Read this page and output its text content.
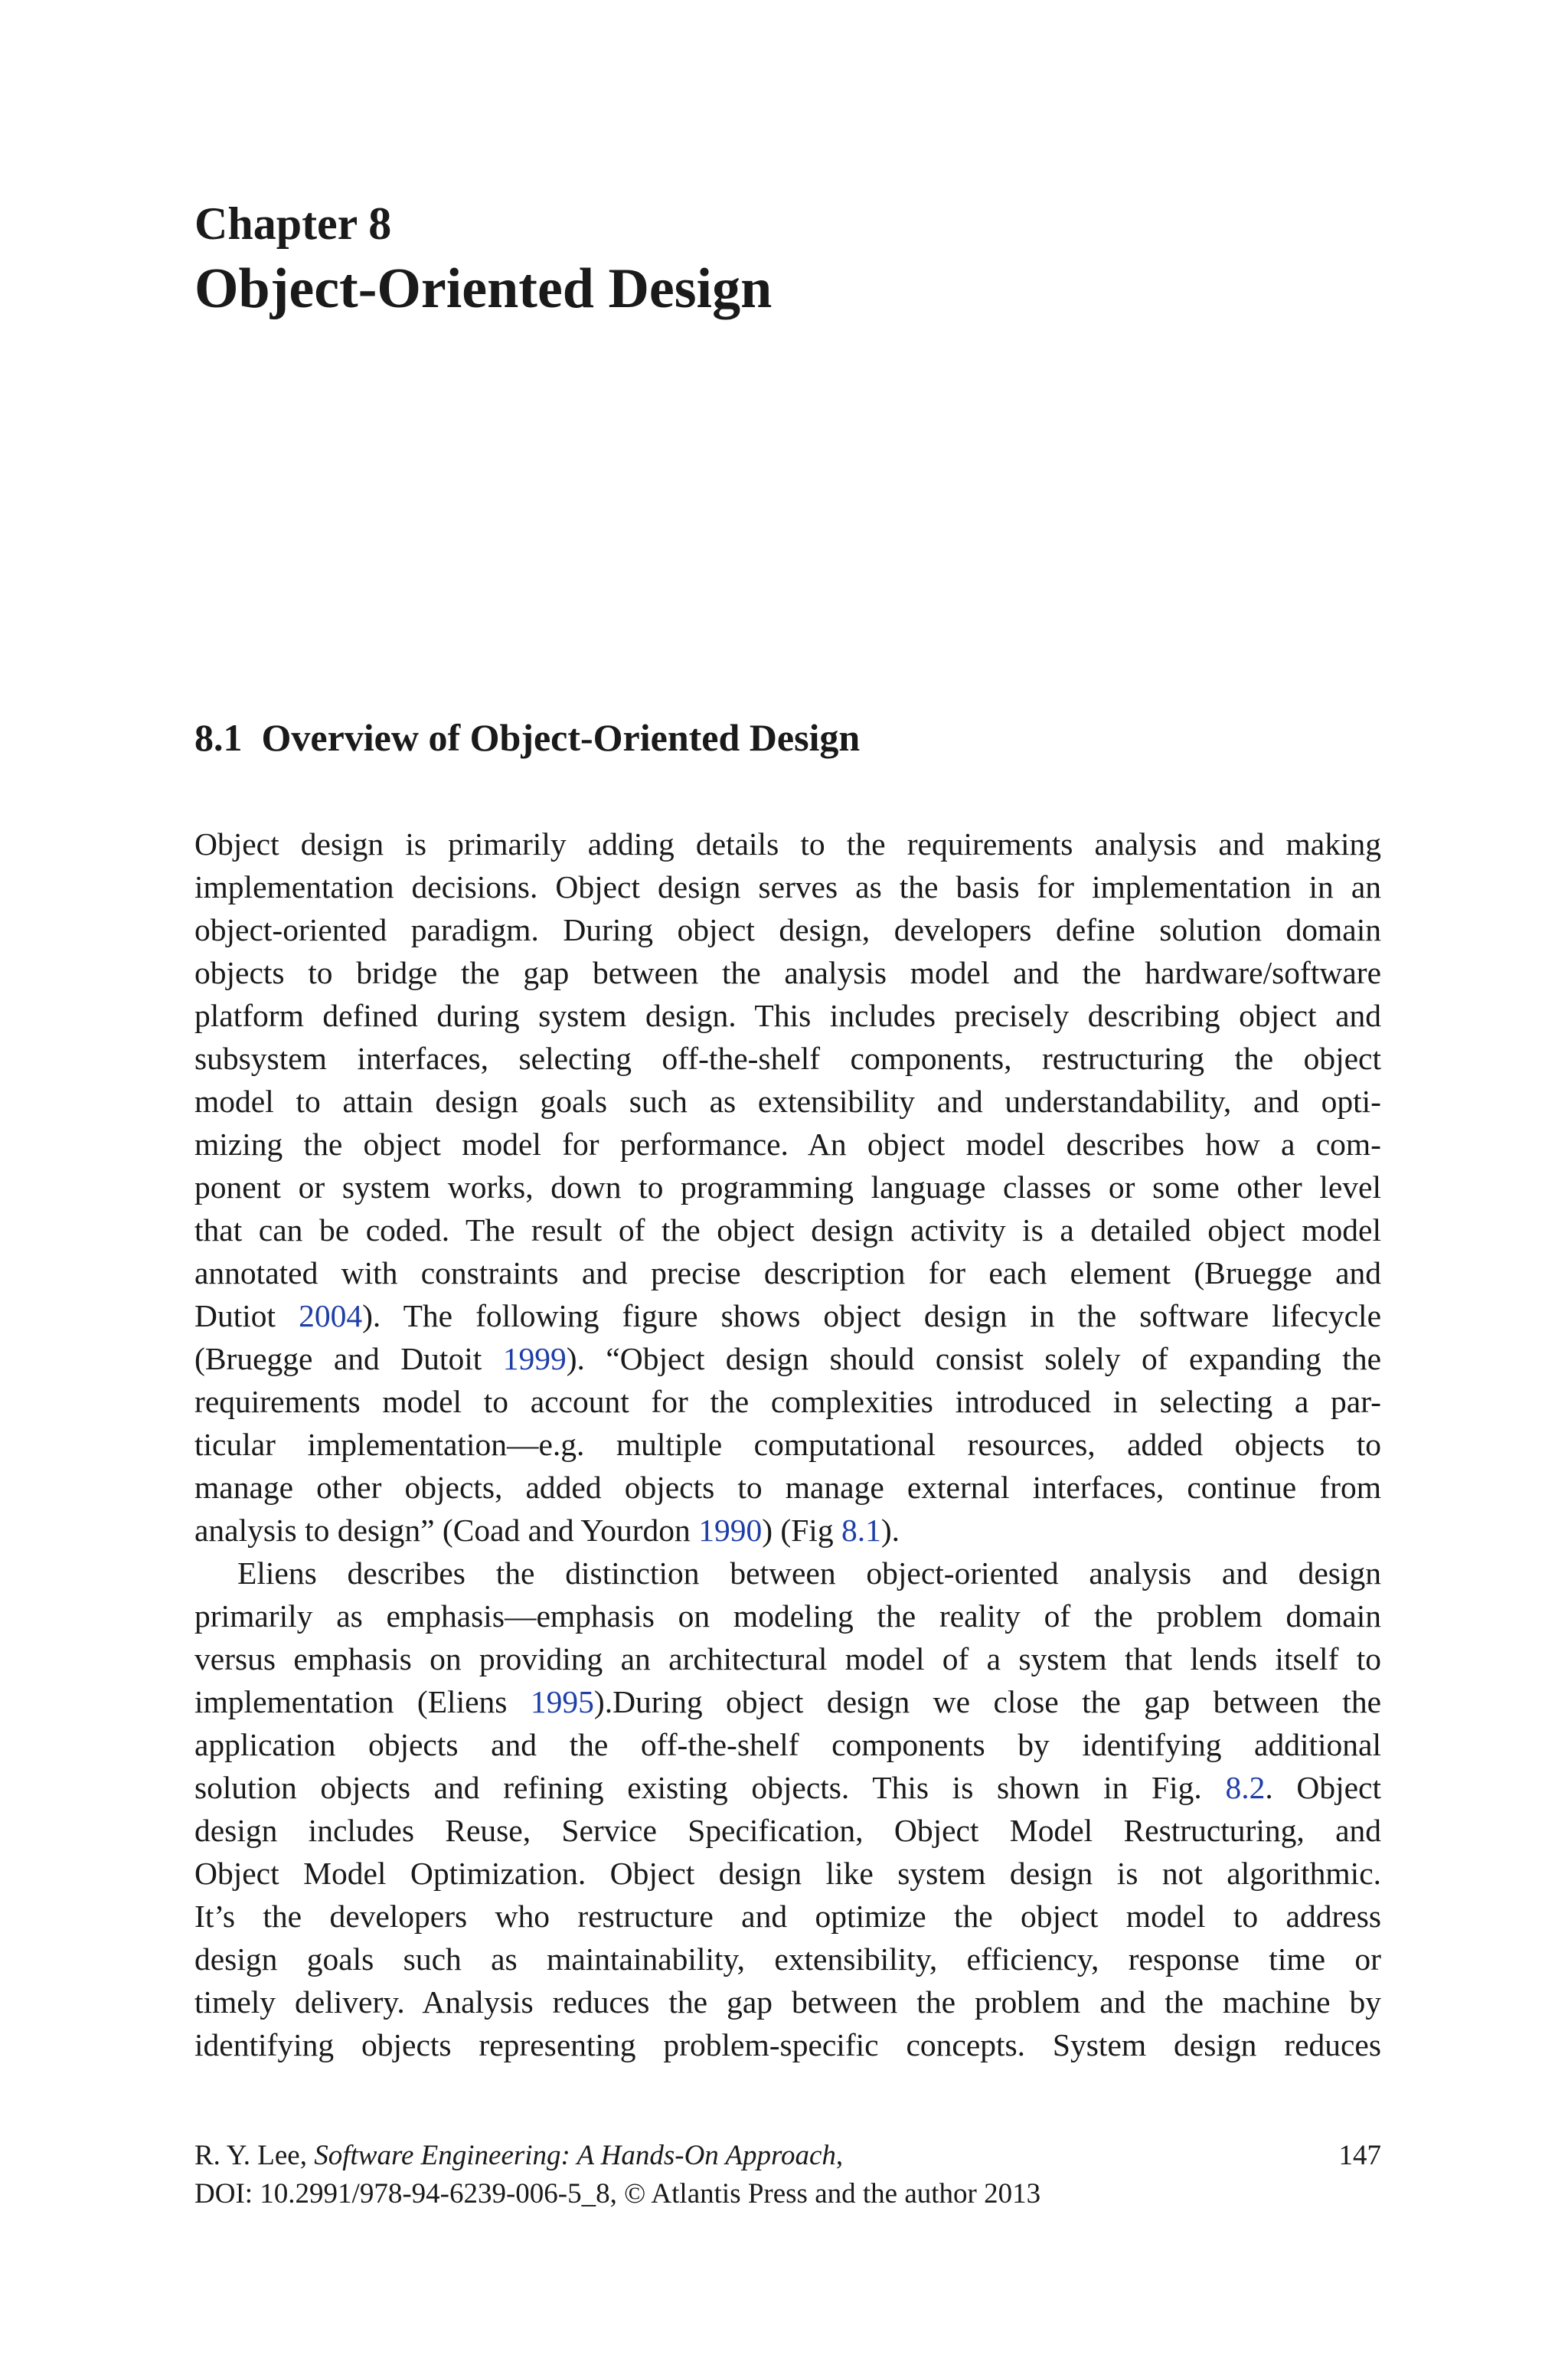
Chapter 8
Object-Oriented Design
8.1  Overview of Object-Oriented Design

Object design is primarily adding details to the requirements analysis and making
implementation decisions. Object design serves as the basis for implementation in an
object-oriented paradigm. During object design, developers define solution domain
objects to bridge the gap between the analysis model and the hardware/software
platform defined during system design. This includes precisely describing object and
subsystem interfaces, selecting off-the-shelf components, restructuring the object
model to attain design goals such as extensibility and understandability, and opti-
mizing the object model for performance. An object model describes how a com-
ponent or system works, down to programming language classes or some other level
that can be coded. The result of the object design activity is a detailed object model
annotated with constraints and precise description for each element (Bruegge and
Dutiot 2004). The following figure shows object design in the software lifecycle
(Bruegge and Dutoit 1999). “Object design should consist solely of expanding the
requirements model to account for the complexities introduced in selecting a par-
ticular implementation—e.g. multiple computational resources, added objects to
manage other objects, added objects to manage external interfaces, continue from
analysis to design” (Coad and Yourdon 1990) (Fig 8.1).

Eliens describes the distinction between object-oriented analysis and design
primarily as emphasis—emphasis on modeling the reality of the problem domain
versus emphasis on providing an architectural model of a system that lends itself to
implementation (Eliens 1995).During object design we close the gap between the
application objects and the off-the-shelf components by identifying additional
solution objects and refining existing objects. This is shown in Fig. 8.2. Object
design includes Reuse, Service Specification, Object Model Restructuring, and
Object Model Optimization. Object design like system design is not algorithmic.
It’s the developers who restructure and optimize the object model to address
design goals such as maintainability, extensibility, efficiency, response time or
timely delivery. Analysis reduces the gap between the problem and the machine by
identifying objects representing problem-specific concepts. System design reduces

R. Y. Lee, Software Engineering: A Hands-On Approach,	147
DOI: 10.2991/978-94-6239-006-5_8, © Atlantis Press and the author 2013
